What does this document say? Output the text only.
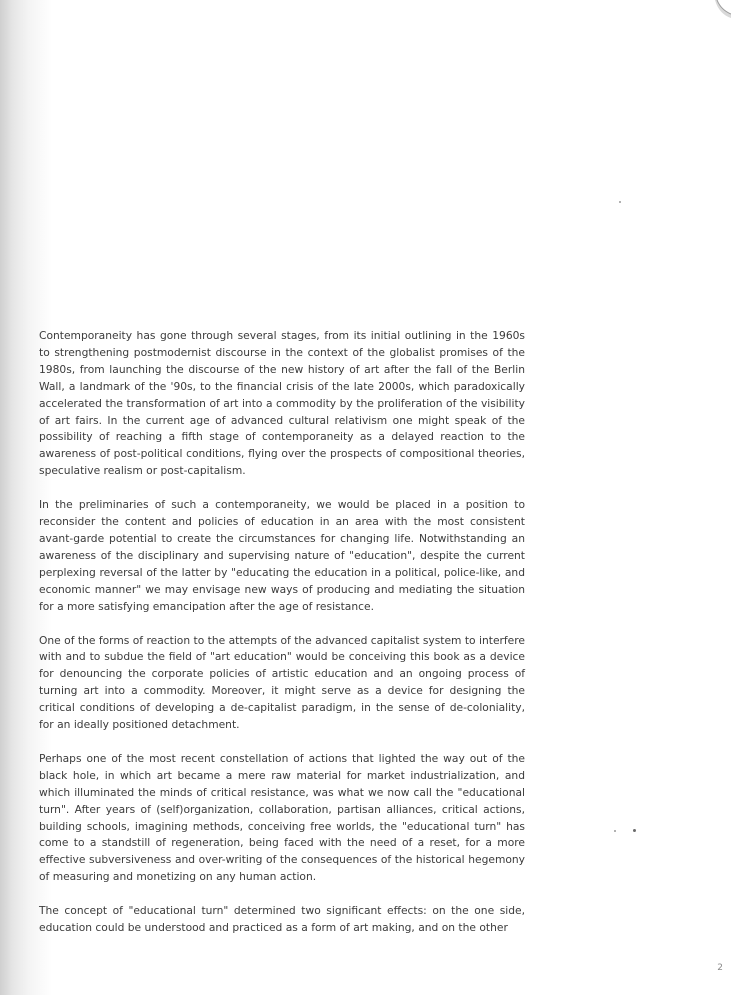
Contemporaneity has gone through several stages, from its initial outlining in the 1960s to strengthening postmodernist discourse in the context of the globalist promises of the 1980s, from launching the discourse of the new history of art after the fall of the Berlin Wall, a landmark of the '90s, to the financial crisis of the late 2000s, which paradoxically accelerated the transformation of art into a commodity by the proliferation of the visibility of art fairs. In the current age of advanced cultural relativism one might speak of the possibility of reaching a fifth stage of contemporaneity as a delayed reaction to the awareness of post-political conditions, flying over the prospects of compositional theories, speculative realism or post-capitalism.

In the preliminaries of such a contemporaneity, we would be placed in a position to reconsider the content and policies of education in an area with the most consistent avant-garde potential to create the circumstances for changing life. Notwithstanding an awareness of the disciplinary and supervising nature of "education", despite the current perplexing reversal of the latter by "educating the education in a political, police-like, and economic manner" we may envisage new ways of producing and mediating the situation for a more satisfying emancipation after the age of resistance.

One of the forms of reaction to the attempts of the advanced capitalist system to interfere with and to subdue the field of "art education" would be conceiving this book as a device for denouncing the corporate policies of artistic education and an ongoing process of turning art into a commodity. Moreover, it might serve as a device for designing the critical conditions of developing a de-capitalist paradigm, in the sense of de-coloniality, for an ideally positioned detachment.

Perhaps one of the most recent constellation of actions that lighted the way out of the black hole, in which art became a mere raw material for market industrialization, and which illuminated the minds of critical resistance, was what we now call the "educational turn". After years of (self)organization, collaboration, partisan alliances, critical actions, building schools, imagining methods, conceiving free worlds, the "educational turn" has come to a standstill of regeneration, being faced with the need of a reset, for a more effective subversiveness and over-writing of the consequences of the historical hegemony of measuring and monetizing on any human action.

The concept of "educational turn" determined two significant effects: on the one side, education could be understood and practiced as a form of art making, and on the other

2
